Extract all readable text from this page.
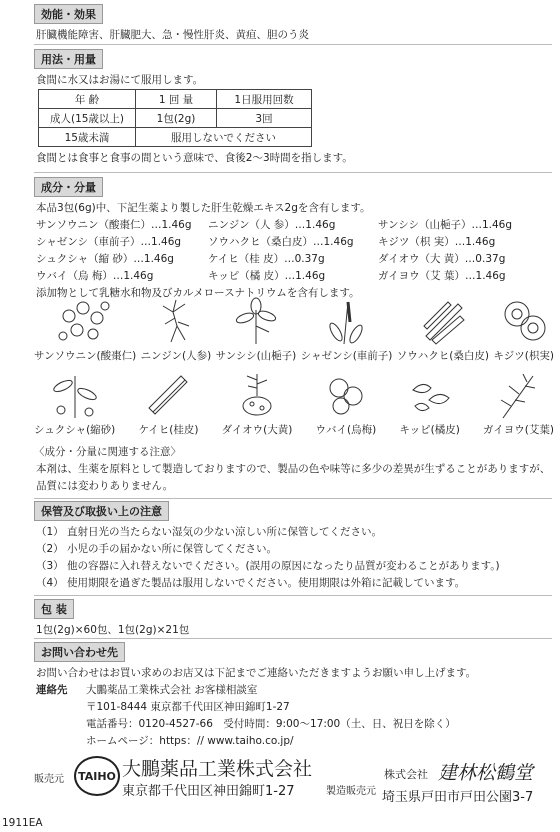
効能・効果
肝臓機能障害、肝臓肥大、急・慢性肝炎、黄疸、胆のう炎
用法・用量
食間に水又はお湯にて服用します。
年 齢	1 回 量	1日服用回数
成人(15歳以上)	1包(2g)	3回
15歳未満	服用しないでください	
食間とは食事と食事の間という意味で、食後2〜3時間を指します。
成分・分量
本品3包(6g)中、下記生薬より製した肝生乾燥エキス2gを含有します。
サンソウニン（酸棗仁）…1.46g	ニンジン（人 参）…1.46g	サンシシ（山梔子）…1.46g
シャゼンシ（車前子）…1.46g	ソウハクヒ（桑白皮）…1.46g	キジツ（枳 実）…1.46g
シュクシャ（縮 砂）…1.46g	ケイヒ（桂 皮）…0.37g	ダイオウ（大 黄）…0.37g
ウバイ（烏 梅）…1.46g	キッピ（橘 皮）…1.46g	ガイヨウ（艾 葉）…1.46g
添加物として乳糖水和物及びカルメロースナトリウムを含有します。
サンソウニン(酸棗仁) ニンジン(人参) サンシシ(山梔子) シャゼンシ(車前子) ソウハクヒ(桑白皮) キジツ(枳実)
シュクシャ(縮砂) ケイヒ(桂皮) ダイオウ(大黄) ウバイ(烏梅) キッピ(橘皮) ガイヨウ(艾葉)
〈成分・分量に関連する注意〉
本剤は、生薬を原料として製造しておりますので、製品の色や味等に多少の差異が生ずることがありますが、
品質には変わりありません。
保管及び取扱い上の注意
（1） 直射日光の当たらない湿気の少ない涼しい所に保管してください。
（2） 小児の手の届かない所に保管してください。
（3） 他の容器に入れ替えないでください。(誤用の原因になったり品質が変わることがあります。)
（4） 使用期限を過ぎた製品は服用しないでください。使用期限は外箱に記載しています。
包 装
1包(2g)×60包、1包(2g)×21包
お問い合わせ先
お問い合わせはお買い求めのお店又は下記までご連絡いただきますようお願い申し上げます。
連絡先 大鵬薬品工業株式会社 お客様相談室
〒101-8444 東京都千代田区神田錦町1-27
電話番号：0120-4527-66　受付時間：9:00〜17:00（土、日、祝日を除く）
ホームページ：https：// www.taiho.co.jp/
販売元 TAIHO 大鵬薬品工業株式会社
東京都千代田区神田錦町1-27	製造販売元
株式会社 建林松鶴堂
埼玉県戸田市戸田公園3-7
1911EA
